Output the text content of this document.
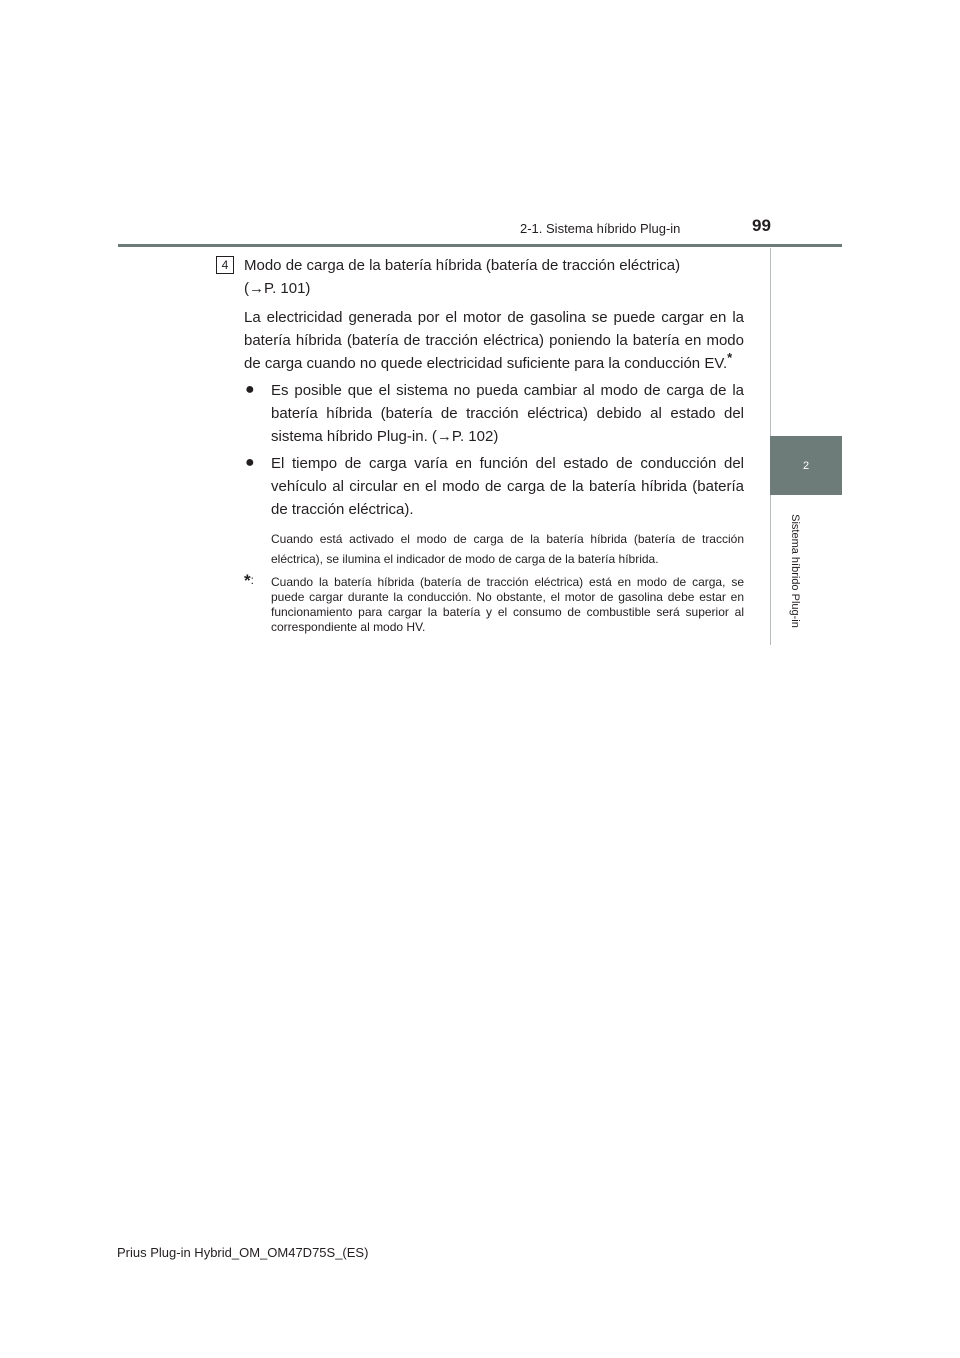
2-1. Sistema híbrido Plug-in	99
2
Sistema híbrido Plug-in
4	Modo de carga de la batería híbrida (batería de tracción eléctrica)
(→P. 101)
La electricidad generada por el motor de gasolina se puede cargar en la batería híbrida (batería de tracción eléctrica) poniendo la batería en modo de carga cuando no quede electricidad suficiente para la conducción EV.*
● Es posible que el sistema no pueda cambiar al modo de carga de la batería híbrida (batería de tracción eléctrica) debido al estado del sistema híbrido Plug-in. (→P. 102)
● El tiempo de carga varía en función del estado de conducción del vehículo al circular en el modo de carga de la batería híbrida (batería de tracción eléctrica).
Cuando está activado el modo de carga de la batería híbrida (batería de tracción eléctrica), se ilumina el indicador de modo de carga de la batería híbrida.
*: Cuando la batería híbrida (batería de tracción eléctrica) está en modo de carga, se puede cargar durante la conducción. No obstante, el motor de gasolina debe estar en funcionamiento para cargar la batería y el consumo de combustible será superior al correspondiente al modo HV.
Prius Plug-in Hybrid_OM_OM47D75S_(ES)
